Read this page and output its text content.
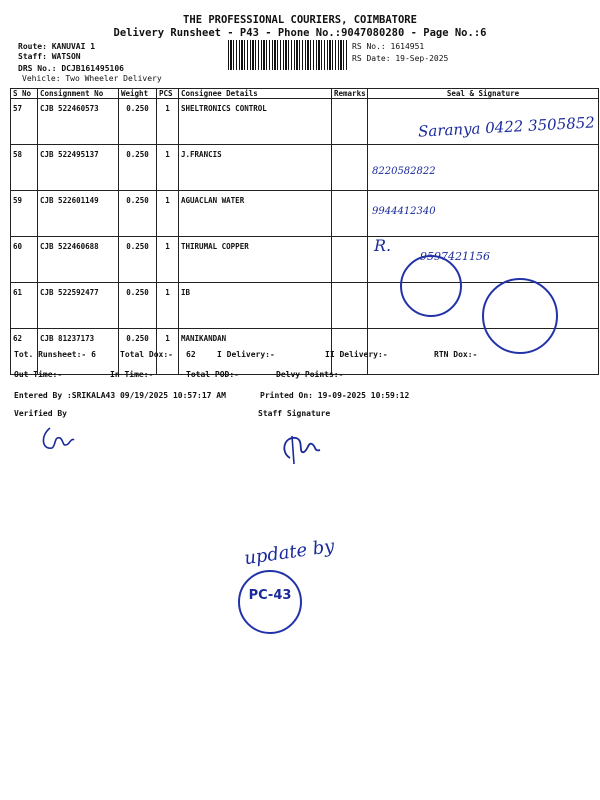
THE PROFESSIONAL COURIERS, COIMBATORE
Delivery Runsheet - P43 - Phone No.:9047080280 - Page No.:6
Route: KANUVAI 1
Staff: WATSON
DRS No.: DCJB161495106
Vehicle: Two Wheeler Delivery
RS No.: 1614951
RS Date: 19-Sep-2025
S No	Consignment No	Weight	PCS	Consignee Details	Remarks	Seal & Signature
57	CJB 522460573	0.250	1	SHELTRONICS CONTROL		
58	CJB 522495137	0.250	1	J.FRANCIS		
59	CJB 522601149	0.250	1	AGUACLAN WATER		
60	CJB 522460688	0.250	1	THIRUMAL COPPER		
61	CJB 522592477	0.250	1	IB		
62	CJB 81237173	0.250	1	MANIKANDAN		
Saranya 0422 3505852
8220582822
9944412340
9597421156
R.
Tot. Runsheet:- 6	Total Dox:- 62	I Delivery:-	II Delivery:-	RTN Dox:-
Out Time:-	In Time:-	Total POD:-	Delvy Points:-
Entered By :SRIKALA43 09/19/2025 10:57:17 AM	Printed On: 19-09-2025 10:59:12
Verified By	Staff Signature
update by
PC-43
